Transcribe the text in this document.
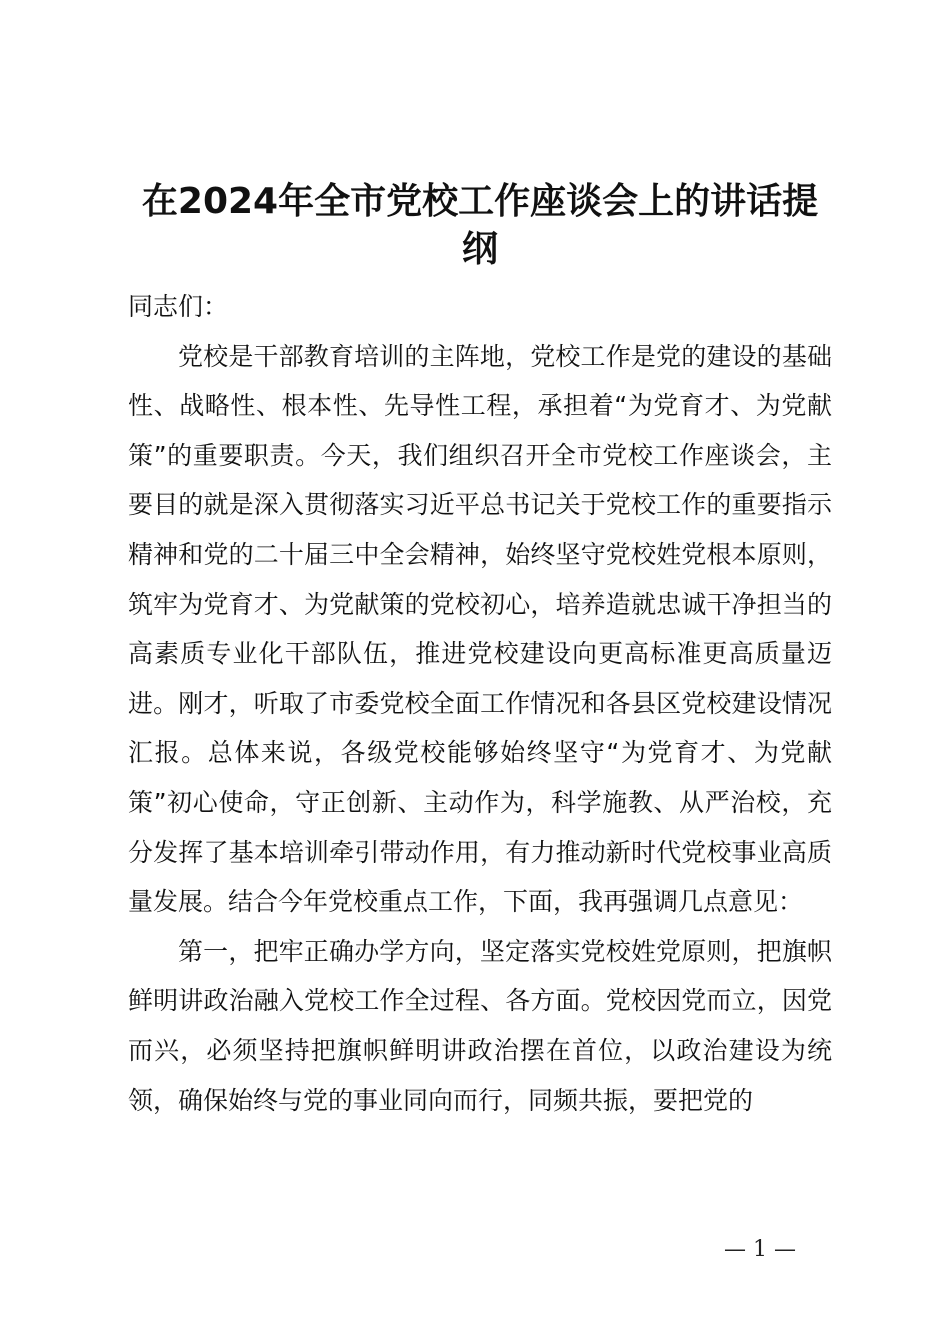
在2024年全市党校工作座谈会上的讲话提纲

同志们：

党校是干部教育培训的主阵地，党校工作是党的建设的基础性、战略性、根本性、先导性工程，承担着“为党育才、为党献策”的重要职责。今天，我们组织召开全市党校工作座谈会，主要目的就是深入贯彻落实习近平总书记关于党校工作的重要指示精神和党的二十届三中全会精神，始终坚守党校姓党根本原则，筑牢为党育才、为党献策的党校初心，培养造就忠诚干净担当的高素质专业化干部队伍，推进党校建设向更高标准更高质量迈进。刚才，听取了市委党校全面工作情况和各县区党校建设情况汇报。总体来说，各级党校能够始终坚守“为党育才、为党献策”初心使命，守正创新、主动作为，科学施教、从严治校，充分发挥了基本培训牵引带动作用，有力推动新时代党校事业高质量发展。结合今年党校重点工作，下面，我再强调几点意见：

第一，把牢正确办学方向，坚定落实党校姓党原则，把旗帜鲜明讲政治融入党校工作全过程、各方面。党校因党而立，因党而兴，必须坚持把旗帜鲜明讲政治摆在首位，以政治建设为统领，确保始终与党的事业同向而行，同频共振，要把党的

— 1 —
